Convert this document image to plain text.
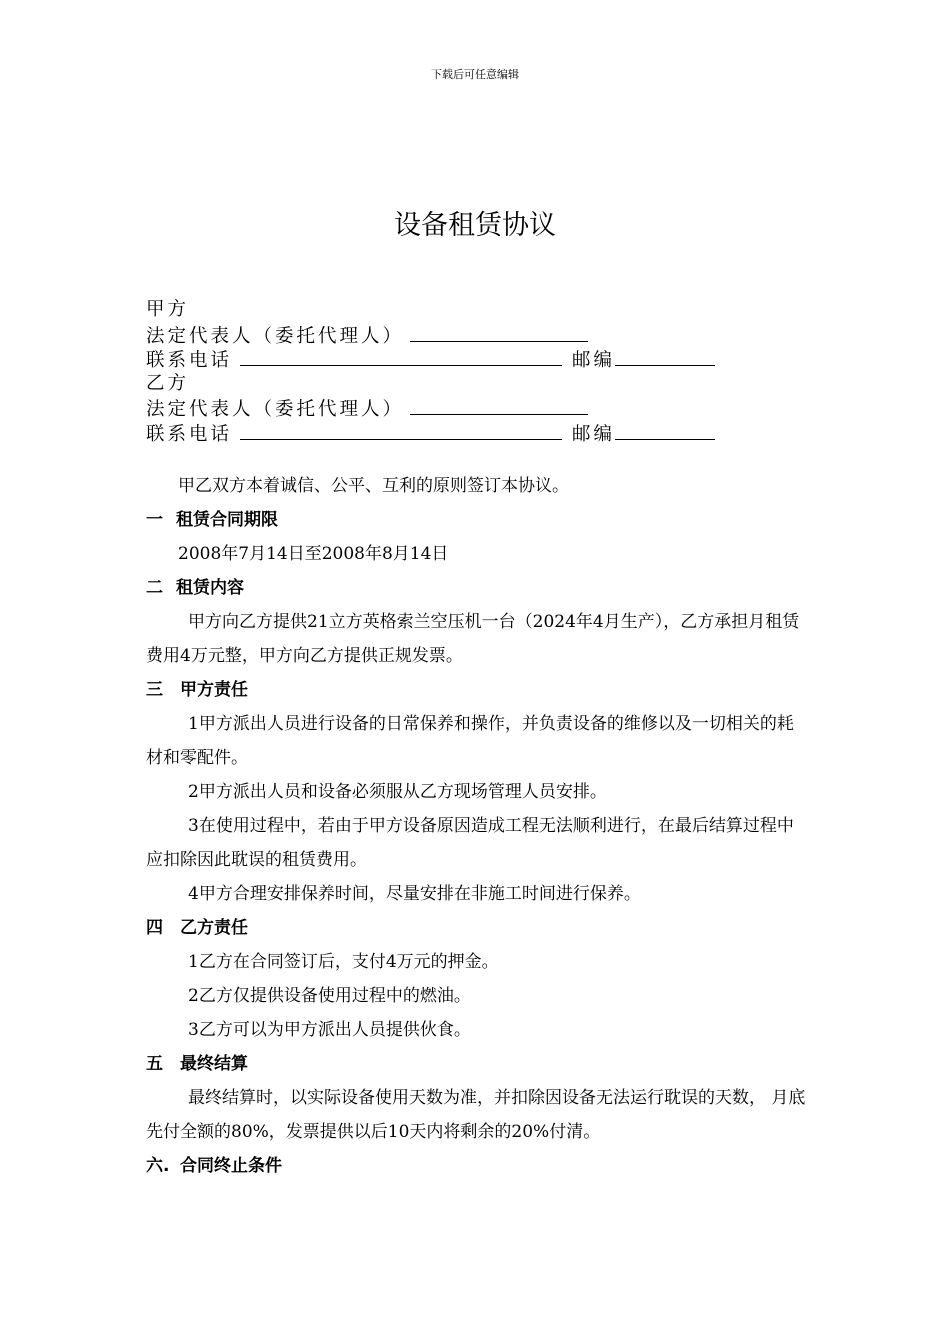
下载后可任意编辑
设备租赁协议
甲方
法定代表人（委托代理人）
联系电话	邮编
乙方
法定代表人（委托代理人）
联系电话	邮编

甲乙双方本着诚信、公平、互利的原则签订本协议。

一 租赁合同期限

2008年7月14日至2008年8月14日

二 租赁内容

甲方向乙方提供21立方英格索兰空压机一台（2024年4月生产），乙方承担月租赁费用4万元整，甲方向乙方提供正规发票。

三 甲方责任

1甲方派出人员进行设备的日常保养和操作，并负责设备的维修以及一切相关的耗材和零配件。

2甲方派出人员和设备必须服从乙方现场管理人员安排。

3在使用过程中，若由于甲方设备原因造成工程无法顺利进行，在最后结算过程中应扣除因此耽误的租赁费用。

4甲方合理安排保养时间，尽量安排在非施工时间进行保养。

四 乙方责任

1乙方在合同签订后，支付4万元的押金。

2乙方仅提供设备使用过程中的燃油。

3乙方可以为甲方派出人员提供伙食。

五 最终结算

最终结算时，以实际设备使用天数为准，并扣除因设备无法运行耽误的天数， 月底先付全额的80%，发票提供以后10天内将剩余的20%付清。

六. 合同终止条件
